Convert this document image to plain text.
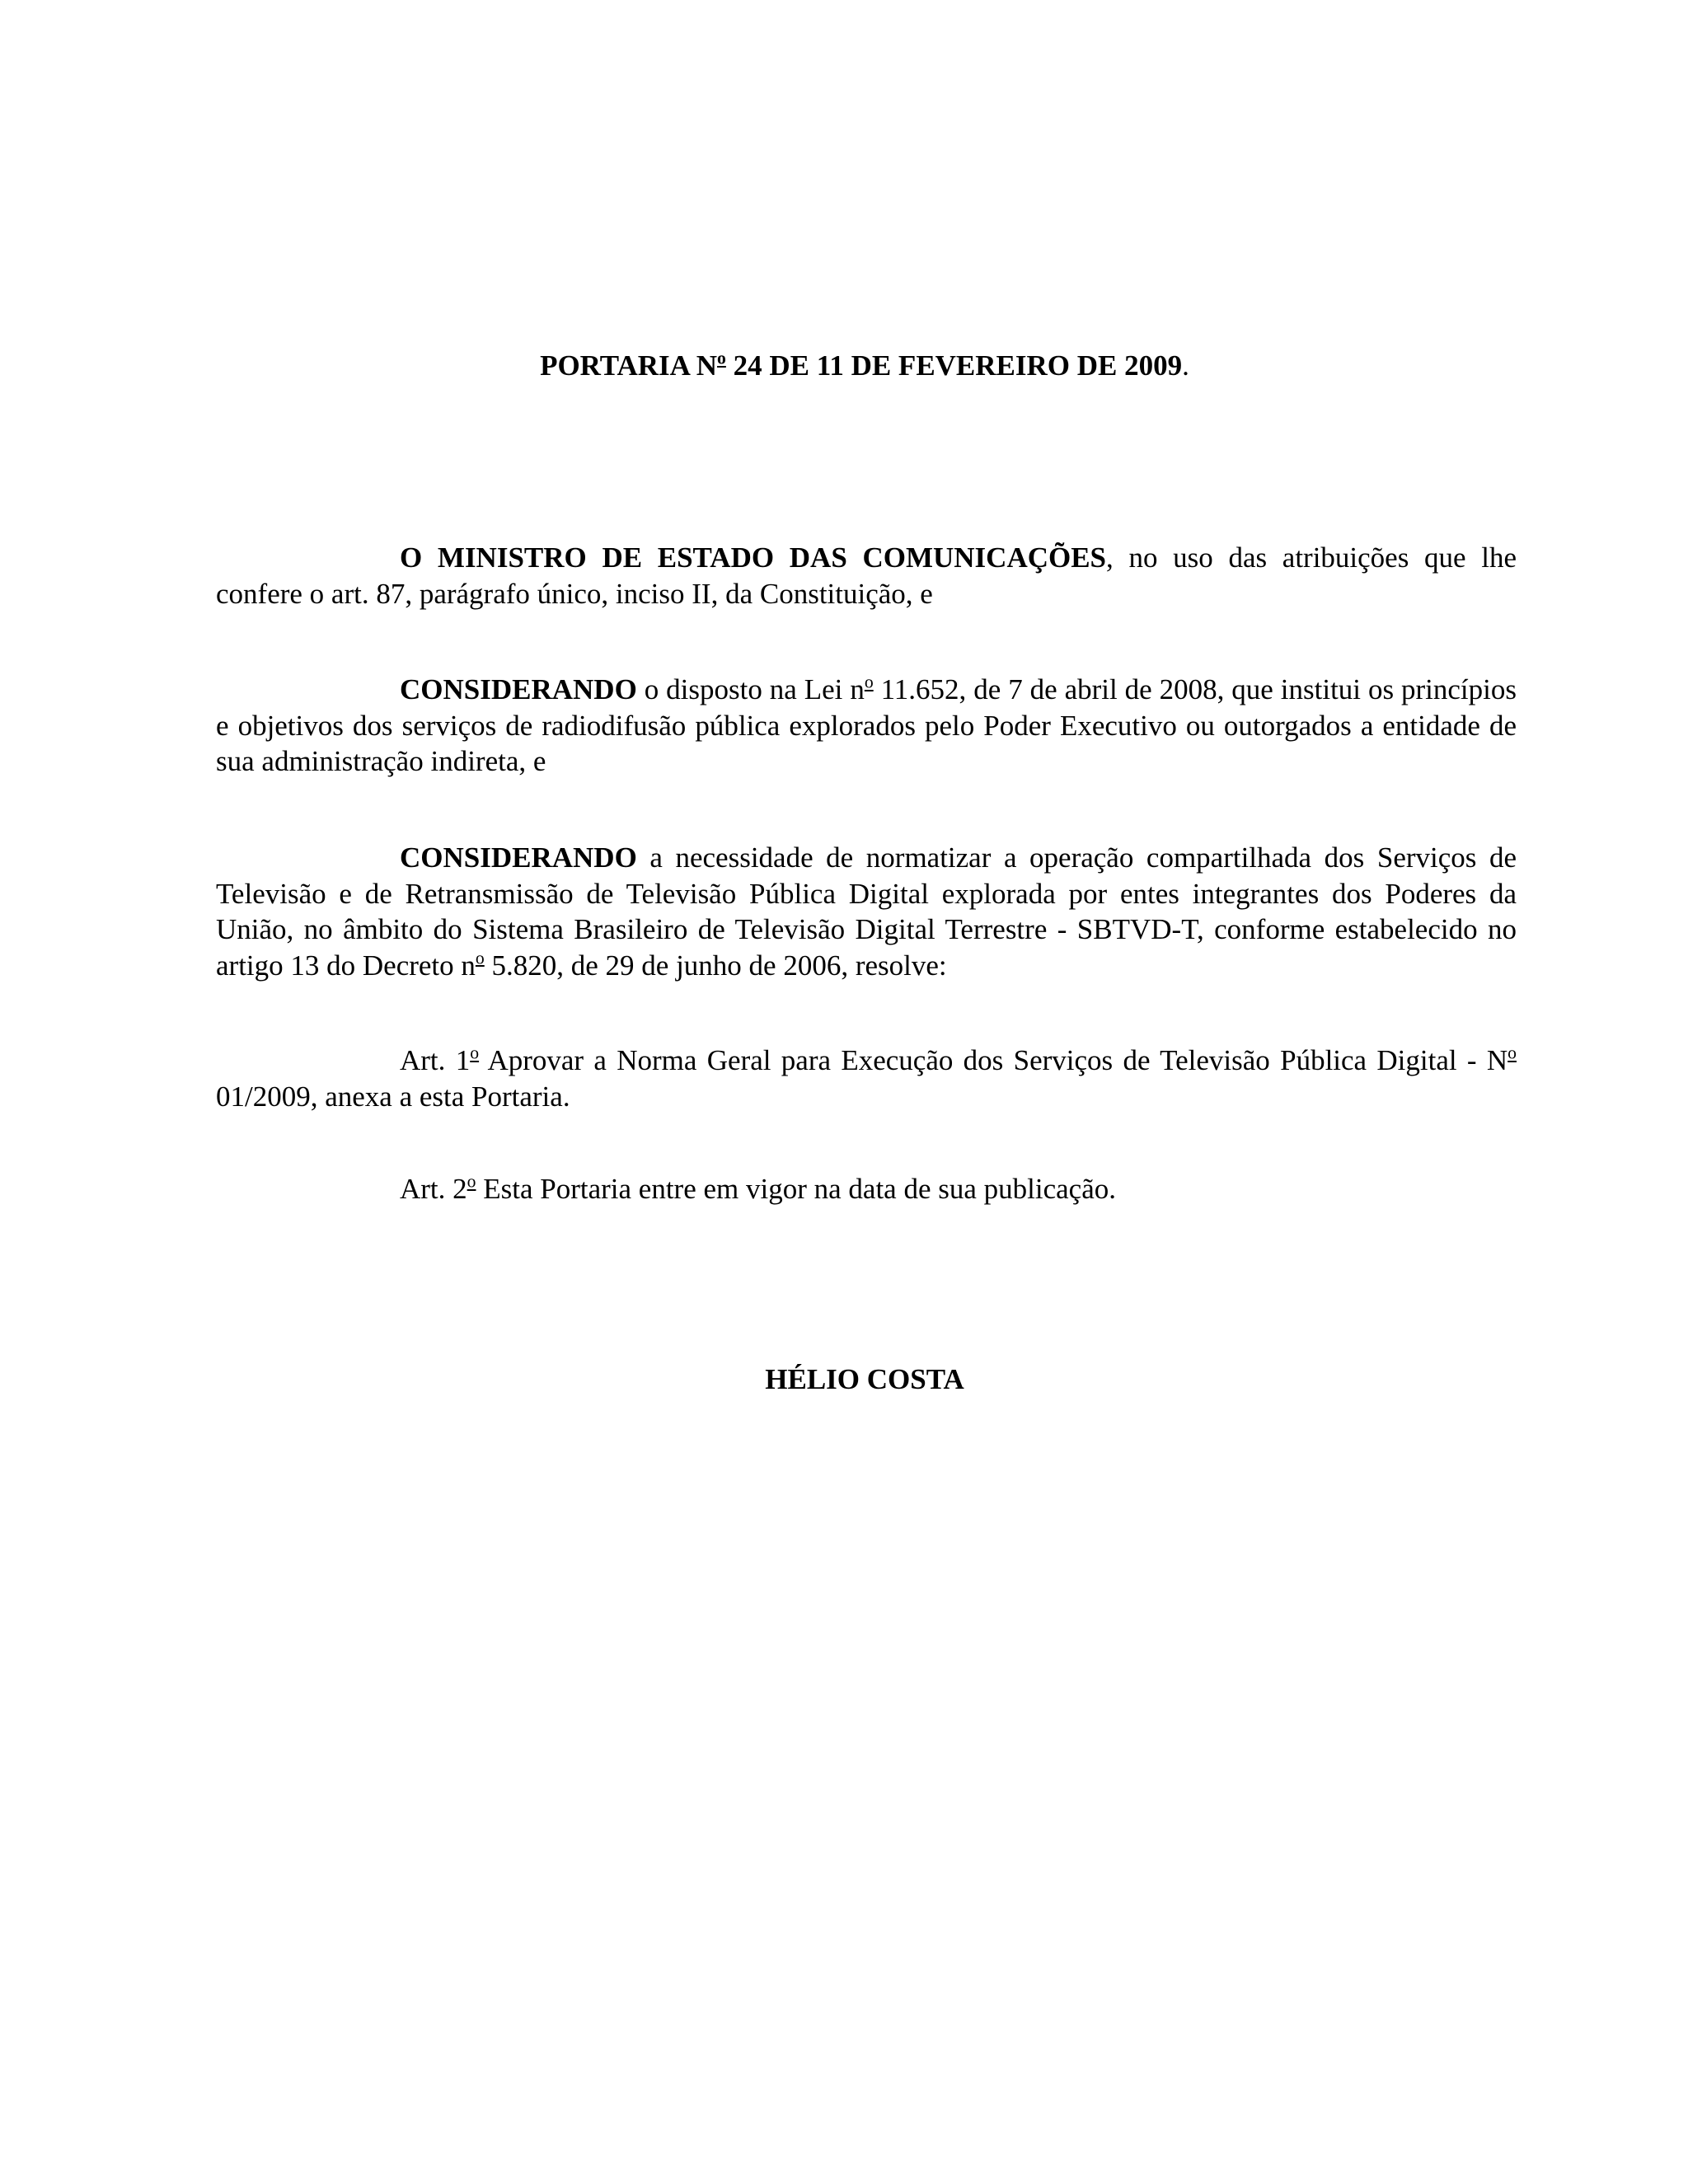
PORTARIA $N^o$ 24 DE 11 DE FEVEREIRO DE 2009.

O MINISTRO DE ESTADO DAS COMUNICAÇÕES, no uso das atribuições que lhe confere o art. 87, parágrafo único, inciso II, da Constituição, e

CONSIDERANDO o disposto na Lei $n^o$ 11.652, de 7 de abril de 2008, que institui os princípios e objetivos dos serviços de radiodifusão pública explorados pelo Poder Executivo ou outorgados a entidade de sua administração indireta, e

CONSIDERANDO a necessidade de normatizar a operação compartilhada dos Serviços de Televisão e de Retransmissão de Televisão Pública Digital explorada por entes integrantes dos Poderes da União, no âmbito do Sistema Brasileiro de Televisão Digital Terrestre - SBTVD-T, conforme estabelecido no artigo 13 do Decreto $n^o$ 5.820, de 29 de junho de 2006, resolve:

Art. 1$^o$ Aprovar a Norma Geral para Execução dos Serviços de Televisão Pública Digital - $N^o$ 01/2009, anexa a esta Portaria.

Art. 2$^o$ Esta Portaria entre em vigor na data de sua publicação.

HÉLIO COSTA
